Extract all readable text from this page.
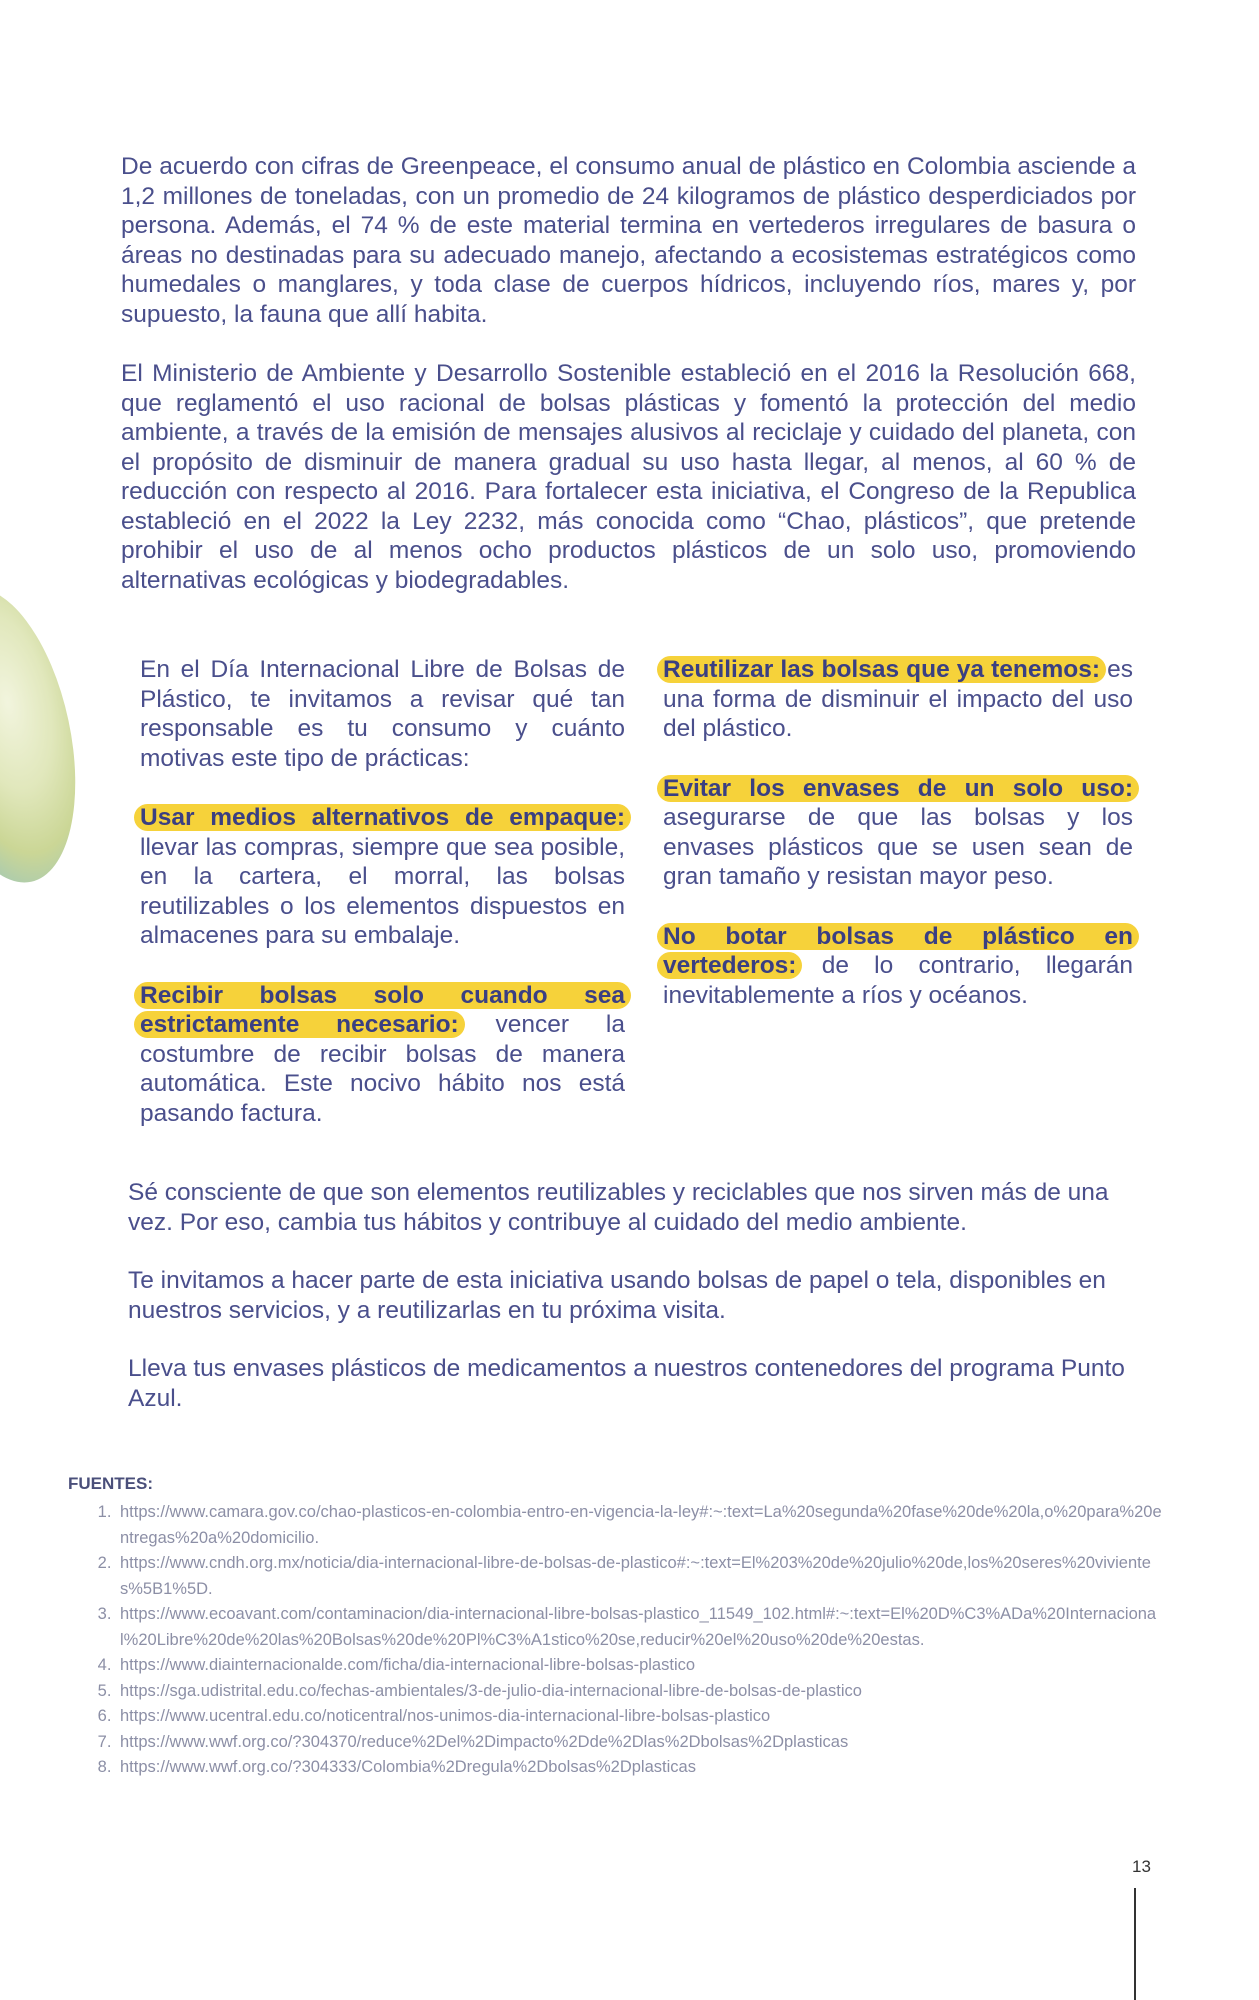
De acuerdo con cifras de Greenpeace, el consumo anual de plástico en Colombia asciende a 1,2 millones de toneladas, con un promedio de 24 kilogramos de plástico desperdiciados por persona. Además, el 74 % de este material termina en vertederos irregulares de basura o áreas no destinadas para su adecuado manejo, afectando a ecosistemas estratégicos como humedales o manglares, y toda clase de cuerpos hídricos, incluyendo ríos, mares y, por supuesto, la fauna que allí habita.

El Ministerio de Ambiente y Desarrollo Sostenible estableció en el 2016 la Resolución 668, que reglamentó el uso racional de bolsas plásticas y fomentó la protección del medio ambiente, a través de la emisión de mensajes alusivos al reciclaje y cuidado del planeta, con el propósito de disminuir de manera gradual su uso hasta llegar, al menos, al 60 % de reducción con respecto al 2016. Para fortalecer esta iniciativa, el Congreso de la Republica estableció en el 2022 la Ley 2232, más conocida como “Chao, plásticos”, que pretende prohibir el uso de al menos ocho productos plásticos de un solo uso, promoviendo alternativas ecológicas y biodegradables.

En el Día Internacional Libre de Bolsas de Plástico, te invitamos a revisar qué tan responsable es tu consumo y cuánto motivas este tipo de prácticas:

Usar medios alternativos de empaque: llevar las compras, siempre que sea posible, en la cartera, el morral, las bolsas reutilizables o los elementos dispuestos en almacenes para su embalaje.

Recibir bolsas solo cuando sea estrictamente necesario: vencer la costumbre de recibir bolsas de manera automática. Este nocivo hábito nos está pasando factura.

Reutilizar las bolsas que ya tenemos: es una forma de disminuir el impacto del uso del plástico.

Evitar los envases de un solo uso: asegurarse de que las bolsas y los envases plásticos que se usen sean de gran tamaño y resistan mayor peso.

No botar bolsas de plástico en vertederos: de lo contrario, llegarán inevitablemente a ríos y océanos.

Sé consciente de que son elementos reutilizables y reciclables que nos sirven más de una vez. Por eso, cambia tus hábitos y contribuye al cuidado del medio ambiente.

Te invitamos a hacer parte de esta iniciativa usando bolsas de papel o tela, disponibles en nuestros servicios, y a reutilizarlas en tu próxima visita.

Lleva tus envases plásticos de medicamentos a nuestros contenedores del programa Punto Azul.

FUENTES:
1. https://www.camara.gov.co/chao-plasticos-en-colombia-entro-en-vigencia-la-ley#:~:text=La%20segunda%20fase%20de%20la,o%20para%20entregas%20a%20domicilio.
2. https://www.cndh.org.mx/noticia/dia-internacional-libre-de-bolsas-de-plastico#:~:text=El%203%20de%20julio%20de,los%20seres%20vivientes%5B1%5D.
3. https://www.ecoavant.com/contaminacion/dia-internacional-libre-bolsas-plastico_11549_102.html#:~:text=El%20D%C3%ADa%20Internacional%20Libre%20de%20las%20Bolsas%20de%20Pl%C3%A1stico%20se,reducir%20el%20uso%20de%20estas.
4. https://www.diainternacionalde.com/ficha/dia-internacional-libre-bolsas-plastico
5. https://sga.udistrital.edu.co/fechas-ambientales/3-de-julio-dia-internacional-libre-de-bolsas-de-plastico
6. https://www.ucentral.edu.co/noticentral/nos-unimos-dia-internacional-libre-bolsas-plastico
7. https://www.wwf.org.co/?304370/reduce%2Del%2Dimpacto%2Dde%2Dlas%2Dbolsas%2Dplasticas
8. https://www.wwf.org.co/?304333/Colombia%2Dregula%2Dbolsas%2Dplasticas
13
